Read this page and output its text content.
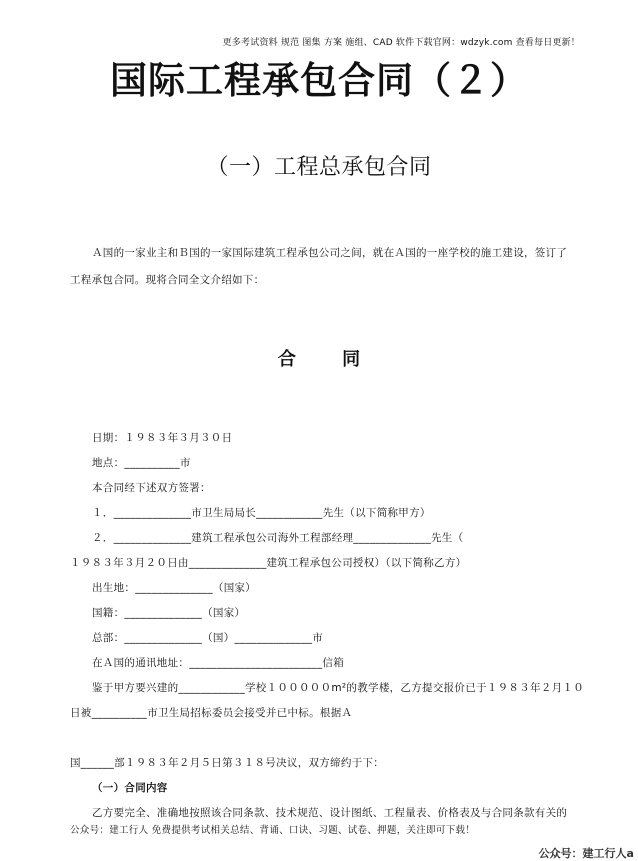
更多考试资料 规范 图集 方案 施组、CAD 软件下载官网：wdzyk.com 查看每日更新！
国际工程承包合同（２）
（一）工程总承包合同
Ａ国的一家业主和Ｂ国的一家国际建筑工程承包公司之间，就在Ａ国的一座学校的施工建设，签订了
工程承包合同。现将合同全文介绍如下：
合 同
日期：１９８３年３月３０日
地点：__________市
本合同经下述双方签署：
１．______________市卫生局局长____________先生（以下简称甲方）
２．______________建筑工程承包公司海外工程部经理______________先生（
１９８３年３月２０日由______________建筑工程承包公司授权）（以下简称乙方）
出生地：______________（国家）
国籍：______________（国家）
总部：______________（国）______________市
在Ａ国的通讯地址：________________________信箱
鉴于甲方要兴建的____________学校１０００００m²的教学楼，乙方提交报价已于１９８３年２月１０
日被__________市卫生局招标委员会接受并已中标。根据Ａ
国______部１９８３年２月５日第３１８号决议，双方缔约于下：
（一）合同内容
乙方要完全、准确地按照该合同条款、技术规范、设计图纸、工程量表、价格表及与合同条款有关的
公众号：建工行人 免费提供考试相关总结、背诵、口诀、习题、试卷、押题，关注即可下载！
公众号：建工行人a
